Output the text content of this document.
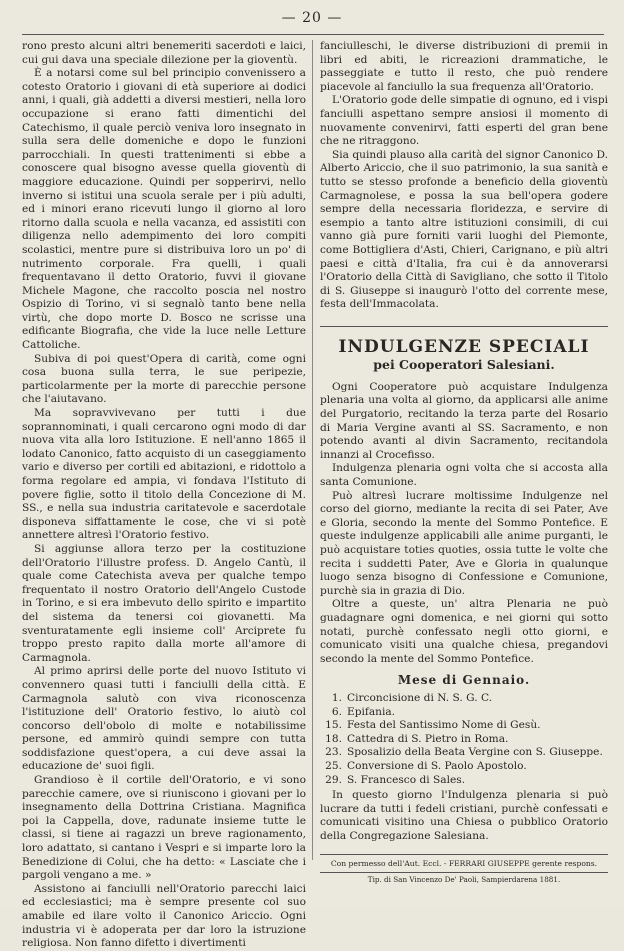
— 20 —

rono presto alcuni altri benemeriti sacerdoti e laici, cui gui dava una speciale dilezione per la gioventù.

È a notarsi come sul bel principio convenissero a cotesto Oratorio i giovani di età superiore ai dodici anni, i quali, già addetti a diversi mestieri, nella loro occupazione si erano fatti dimentichi del Catechismo, il quale perciò veniva loro insegnato in sulla sera delle domeniche e dopo le funzioni parrocchiali. In questi trattenimenti si ebbe a conoscere qual bisogno avesse quella gioventù di maggiore educazione. Quindi per sopperirvi, nello inverno si istitui una scuola serale per i più adulti, ed i minori erano ricevuti lungo il giorno al loro ritorno dalla scuola e nella vacanza, ed assistiti con diligenza nello adempimento dei loro compiti scolastici, mentre pure si distribuiva loro un po' di nutrimento corporale. Fra quelli, i quali frequentavano il detto Oratorio, fuvvi il giovane Michele Magone, che raccolto poscia nel nostro Ospizio di Torino, vi si segnalò tanto bene nella virtù, che dopo morte D. Bosco ne scrisse una edificante Biografia, che vide la luce nelle Letture Cattoliche.

Subiva di poi quest'Opera di carità, come ogni cosa buona sulla terra, le sue peripezie, particolarmente per la morte di parecchie persone che l'aiutavano.

Ma sopravvivevano per tutti i due soprannominati, i quali cercarono ogni modo di dar nuova vita alla loro Istituzione. E nell'anno 1865 il lodato Canonico, fatto acquisto di un caseggiamento vario e diverso per cortili ed abitazioni, e ridottolo a forma regolare ed ampia, vi fondava l'Istituto di povere figlie, sotto il titolo della Concezione di M. SS., e nella sua industria caritatevole e sacerdotale disponeva siffattamente le cose, che vi si potè annettere altresì l'Oratorio festivo.

Si aggiunse allora terzo per la costituzione dell'Oratorio l'illustre profess. D. Angelo Cantù, il quale come Catechista aveva per qualche tempo frequentato il nostro Oratorio dell'Angelo Custode in Torino, e si era imbevuto dello spirito e impartito del sistema da tenersi coi giovanetti. Ma sventuratamente egli insieme coll' Arciprete fu troppo presto rapito dalla morte all'amore di Carmagnola.

Al primo aprirsi delle porte del nuovo Istituto vi convennero quasi tutti i fanciulli della città. E Carmagnola salutò con viva riconoscenza l'istituzione dell' Oratorio festivo, lo aiutò col concorso dell'obolo di molte e notabilissime persone, ed ammirò quindi sempre con tutta soddisfazione quest'opera, a cui deve assai la educazione de' suoi figli.

Grandioso è il cortile dell'Oratorio, e vi sono parecchie camere, ove si riuniscono i giovani per lo insegnamento della Dottrina Cristiana. Magnifica poi la Cappella, dove, radunate insieme tutte le classi, si tiene ai ragazzi un breve ragionamento, loro adattato, si cantano i Vespri e si imparte loro la Benedizione di Colui, che ha detto: « Lasciate che i pargoli vengano a me. »

Assistono ai fanciulli nell'Oratorio parecchi laici ed ecclesiastici; ma è sempre presente col suo amabile ed ilare volto il Canonico Ariccio. Ogni industria vi è adoperata per dar loro la istruzione religiosa. Non fanno difetto i divertimenti

fanciulleschi, le diverse distribuzioni di premii in libri ed abiti, le ricreazioni drammatiche, le passeggiate e tutto il resto, che può rendere piacevole al fanciullo la sua frequenza all'Oratorio.

L'Oratorio gode delle simpatie di ognuno, ed i vispi fanciulli aspettano sempre ansiosi il momento di nuovamente convenirvi, fatti esperti del gran bene che ne ritraggono.

Sia quindi plauso alla carità del signor Canonico D. Alberto Ariccio, che il suo patrimonio, la sua sanità e tutto se stesso profonde a beneficio della gioventù Carmagnolese, e possa la sua bell'opera godere sempre della necessaria floridezza, e servire di esempio a tanto altre istituzioni consimili, di cui vanno già pure forniti varii luoghi del Piemonte, come Bottigliera d'Asti, Chieri, Carignano, e più altri paesi e città d'Italia, fra cui è da annoverarsi l'Oratorio della Città di Savigliano, che sotto il Titolo di S. Giuseppe si inaugurò l'otto del corrente mese, festa dell'Immacolata.

INDULGENZE SPECIALI
pei Cooperatori Salesiani.

Ogni Cooperatore può acquistare Indulgenza plenaria una volta al giorno, da applicarsi alle anime del Purgatorio, recitando la terza parte del Rosario di Maria Vergine avanti al SS. Sacramento, e non potendo avanti al divin Sacramento, recitandola innanzi al Crocefisso.

Indulgenza plenaria ogni volta che si accosta alla santa Comunione.

Può altresì lucrare moltissime Indulgenze nel corso del giorno, mediante la recita di sei Pater, Ave e Gloria, secondo la mente del Sommo Pontefice. E queste indulgenze applicabili alle anime purganti, le può acquistare toties quoties, ossia tutte le volte che recita i suddetti Pater, Ave e Gloria in qualunque luogo senza bisogno di Confessione e Comunione, purchè sia in grazia di Dio.

Oltre a queste, un' altra Plenaria ne può guadagnare ogni domenica, e nei giorni qui sotto notati, purchè confessato negli otto giorni, e comunicato visiti una qualche chiesa, pregandovi secondo la mente del Sommo Pontefice.

Mese di Gennaio.
1. Circoncisione di N. S. G. C.
6. Epifania.
15. Festa del Santissimo Nome di Gesù.
18. Cattedra di S. Pietro in Roma.
23. Sposalizio della Beata Vergine con S. Giuseppe.
25. Conversione di S. Paolo Apostolo.
29. S. Francesco di Sales.

In questo giorno l'Indulgenza plenaria si può lucrare da tutti i fedeli cristiani, purchè confessati e comunicati visitino una Chiesa o pubblico Oratorio della Congregazione Salesiana.

Con permesso dell'Aut. Eccl. - FERRARI GIUSEPPE gerente respons.
Tip. di San Vincenzo De' Paoli, Sampierdarena 1881.
